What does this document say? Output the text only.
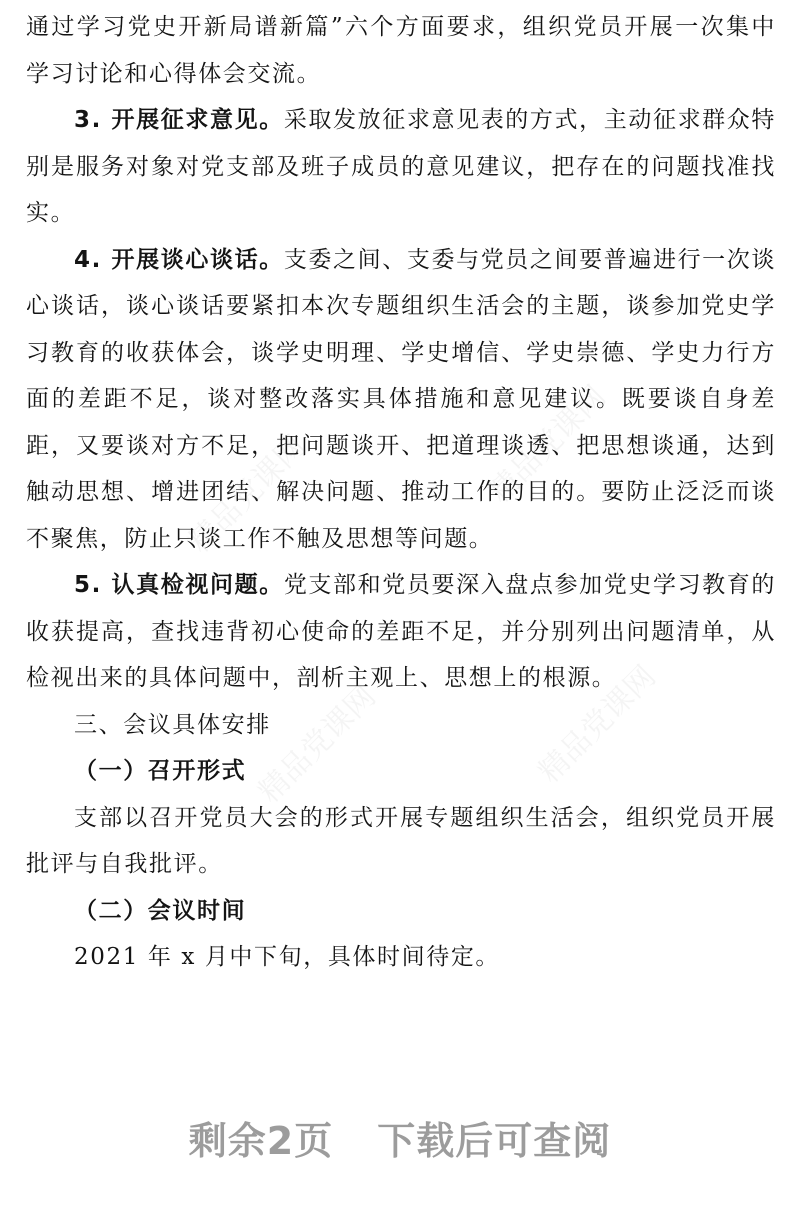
通过学习党史开新局谱新篇”六个方面要求，组织党员开展一次集中学习讨论和心得体会交流。

3. 开展征求意见。采取发放征求意见表的方式，主动征求群众特别是服务对象对党支部及班子成员的意见建议，把存在的问题找准找实。

4. 开展谈心谈话。支委之间、支委与党员之间要普遍进行一次谈心谈话，谈心谈话要紧扣本次专题组织生活会的主题，谈参加党史学习教育的收获体会，谈学史明理、学史增信、学史崇德、学史力行方面的差距不足，谈对整改落实具体措施和意见建议。既要谈自身差距，又要谈对方不足，把问题谈开、把道理谈透、把思想谈通，达到触动思想、增进团结、解决问题、推动工作的目的。要防止泛泛而谈不聚焦，防止只谈工作不触及思想等问题。

5. 认真检视问题。党支部和党员要深入盘点参加党史学习教育的收获提高，查找违背初心使命的差距不足，并分别列出问题清单，从检视出来的具体问题中，剖析主观上、思想上的根源。

三、会议具体安排

（一）召开形式

支部以召开党员大会的形式开展专题组织生活会，组织党员开展批评与自我批评。

（二）会议时间

2021 年 x 月中下旬，具体时间待定。

精品党课网	精品党课网
精品党课网	精品党课网
剩余2页 下载后可查阅
